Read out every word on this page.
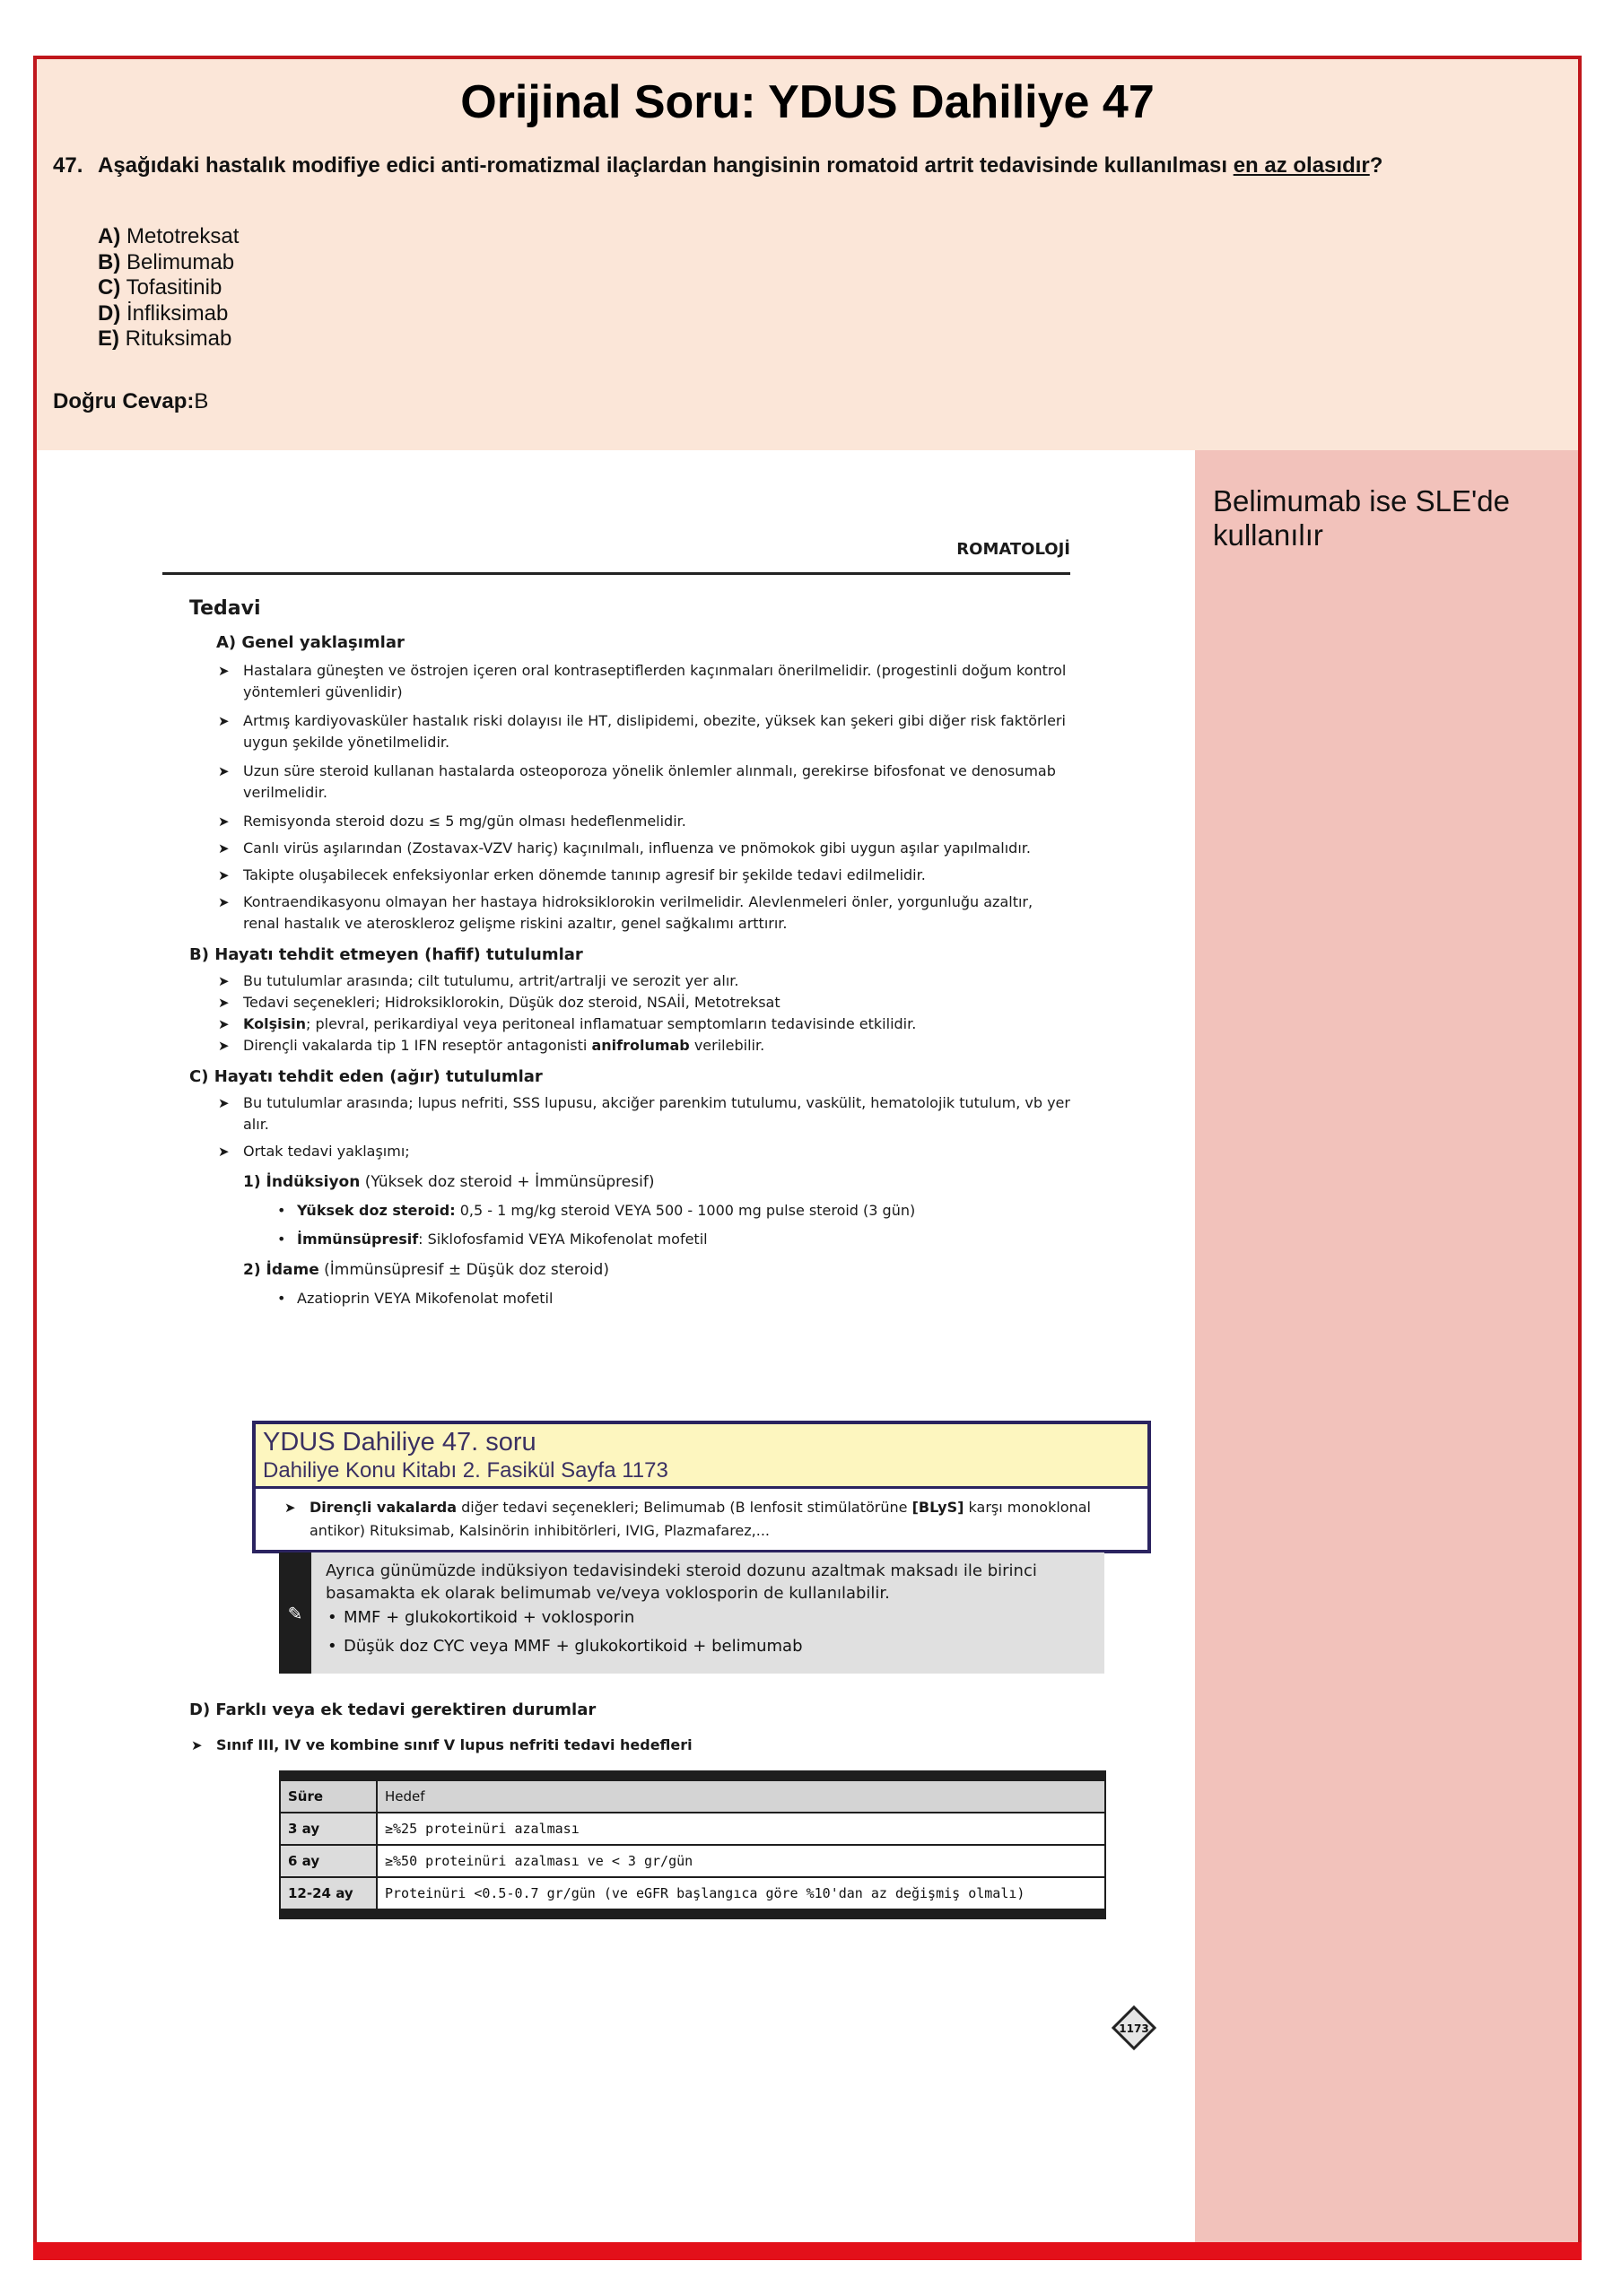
Orijinal Soru: YDUS Dahiliye 47
47. Aşağıdaki hastalık modifiye edici anti-romatizmal ilaçlardan hangisinin romatoid artrit tedavisinde kullanılması en az olasıdır?
A) Metotreksat
B) Belimumab
C) Tofasitinib
D) İnfliksimab
E) Rituksimab
Doğru Cevap:B
Belimumab ise SLE'de kullanılır
ROMATOLOJİ
Tedavi
A) Genel yaklaşımlar
➤ Hastalara güneşten ve östrojen içeren oral kontraseptiflerden kaçınmaları önerilmelidir. (progestinli doğum kontrol yöntemleri güvenlidir)
➤ Artmış kardiyovasküler hastalık riski dolayısı ile HT, dislipidemi, obezite, yüksek kan şekeri gibi diğer risk faktörleri uygun şekilde yönetilmelidir.
➤ Uzun süre steroid kullanan hastalarda osteoporoza yönelik önlemler alınmalı, gerekirse bifosfonat ve denosumab verilmelidir.
➤ Remisyonda steroid dozu ≤ 5 mg/gün olması hedeflenmelidir.
➤ Canlı virüs aşılarından (Zostavax-VZV hariç) kaçınılmalı, influenza ve pnömokok gibi uygun aşılar yapılmalıdır.
➤ Takipte oluşabilecek enfeksiyonlar erken dönemde tanınıp agresif bir şekilde tedavi edilmelidir.
➤ Kontraendikasyonu olmayan her hastaya hidroksiklorokin verilmelidir. Alevlenmeleri önler, yorgunluğu azaltır, renal hastalık ve ateroskleroz gelişme riskini azaltır, genel sağkalımı arttırır.
B) Hayatı tehdit etmeyen (hafif) tutulumlar
➤ Bu tutulumlar arasında; cilt tutulumu, artrit/artralji ve serozit yer alır.
➤ Tedavi seçenekleri; Hidroksiklorokin, Düşük doz steroid, NSAİİ, Metotreksat
➤ Kolşisin; plevral, perikardiyal veya peritoneal inflamatuar semptomların tedavisinde etkilidir.
➤ Dirençli vakalarda tip 1 IFN reseptör antagonisti anifrolumab verilebilir.
C) Hayatı tehdit eden (ağır) tutulumlar
➤ Bu tutulumlar arasında; lupus nefriti, SSS lupusu, akciğer parenkim tutulumu, vaskülit, hematolojik tutulum, vb yer alır.
➤ Ortak tedavi yaklaşımı;
1) İndüksiyon (Yüksek doz steroid + İmmünsüpresif)
• Yüksek doz steroid: 0,5 - 1 mg/kg steroid VEYA 500 - 1000 mg pulse steroid (3 gün)
• İmmünsüpresif: Siklofosfamid VEYA Mikofenolat mofetil
2) İdame (İmmünsüpresif ± Düşük doz steroid)
• Azatioprin VEYA Mikofenolat mofetil
D) Farklı veya ek tedavi gerektiren durumlar
➤ Sınıf III, IV ve kombine sınıf V lupus nefriti tedavi hedefleri
YDUS Dahiliye 47. soru
Dahiliye Konu Kitabı 2. Fasikül Sayfa 1173
➤ Dirençli vakalarda diğer tedavi seçenekleri; Belimumab (B lenfosit stimülatörüne [BLyS] karşı monoklonal antikor) Rituksimab, Kalsinörin inhibitörleri, IVIG, Plazmafarez,...
✎
Ayrıca günümüzde indüksiyon tedavisindeki steroid dozunu azaltmak maksadı ile birinci basamakta ek olarak belimumab ve/veya voklosporin de kullanılabilir.
• MMF + glukokortikoid + voklosporin
• Düşük doz CYC veya MMF + glukokortikoid + belimumab
Süre	Hedef
3 ay	≥%25 proteinüri azalması
6 ay	≥%50 proteinüri azalması ve < 3 gr/gün
12-24 ay	Proteinüri <0.5-0.7 gr/gün (ve eGFR başlangıca göre %10'dan az değişmiş olmalı)
1173
